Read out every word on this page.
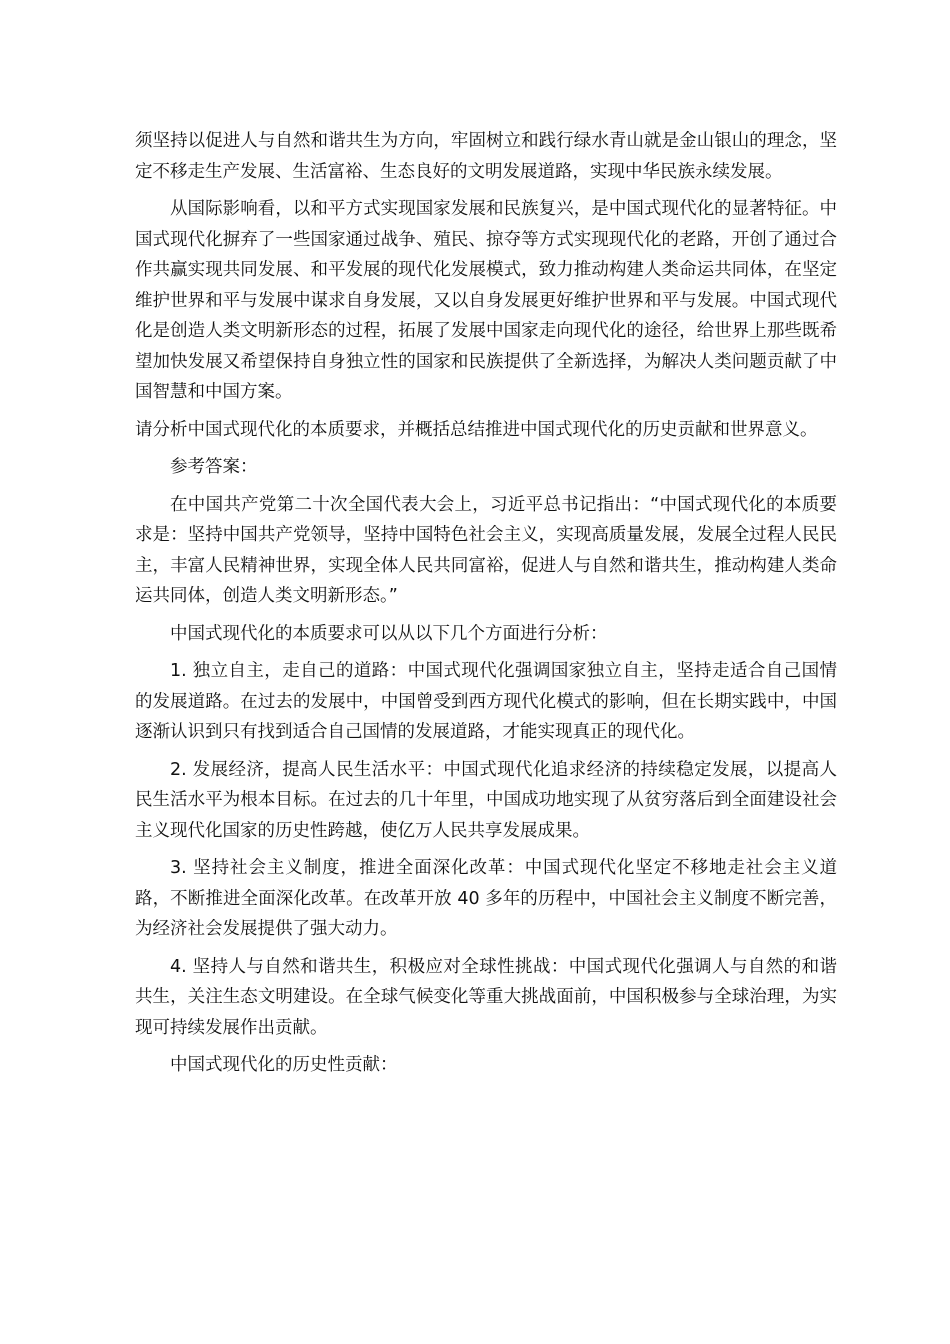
须坚持以促进人与自然和谐共生为方向，牢固树立和践行绿水青山就是金山银山的理念，坚定不移走生产发展、生活富裕、生态良好的文明发展道路，实现中华民族永续发展。

从国际影响看，以和平方式实现国家发展和民族复兴，是中国式现代化的显著特征。中国式现代化摒弃了一些国家通过战争、殖民、掠夺等方式实现现代化的老路，开创了通过合作共赢实现共同发展、和平发展的现代化发展模式，致力推动构建人类命运共同体，在坚定维护世界和平与发展中谋求自身发展，又以自身发展更好维护世界和平与发展。中国式现代化是创造人类文明新形态的过程，拓展了发展中国家走向现代化的途径，给世界上那些既希望加快发展又希望保持自身独立性的国家和民族提供了全新选择，为解决人类问题贡献了中国智慧和中国方案。

请分析中国式现代化的本质要求，并概括总结推进中国式现代化的历史贡献和世界意义。

参考答案：

在中国共产党第二十次全国代表大会上，习近平总书记指出：“中国式现代化的本质要求是：坚持中国共产党领导，坚持中国特色社会主义，实现高质量发展，发展全过程人民民主，丰富人民精神世界，实现全体人民共同富裕，促进人与自然和谐共生，推动构建人类命运共同体，创造人类文明新形态。”

中国式现代化的本质要求可以从以下几个方面进行分析：

1. 独立自主，走自己的道路：中国式现代化强调国家独立自主，坚持走适合自己国情的发展道路。在过去的发展中，中国曾受到西方现代化模式的影响，但在长期实践中，中国逐渐认识到只有找到适合自己国情的发展道路，才能实现真正的现代化。

2. 发展经济，提高人民生活水平：中国式现代化追求经济的持续稳定发展，以提高人民生活水平为根本目标。在过去的几十年里，中国成功地实现了从贫穷落后到全面建设社会主义现代化国家的历史性跨越，使亿万人民共享发展成果。

3. 坚持社会主义制度，推进全面深化改革：中国式现代化坚定不移地走社会主义道路，不断推进全面深化改革。在改革开放 40 多年的历程中，中国社会主义制度不断完善，为经济社会发展提供了强大动力。

4. 坚持人与自然和谐共生，积极应对全球性挑战：中国式现代化强调人与自然的和谐共生，关注生态文明建设。在全球气候变化等重大挑战面前，中国积极参与全球治理，为实现可持续发展作出贡献。

中国式现代化的历史性贡献：
